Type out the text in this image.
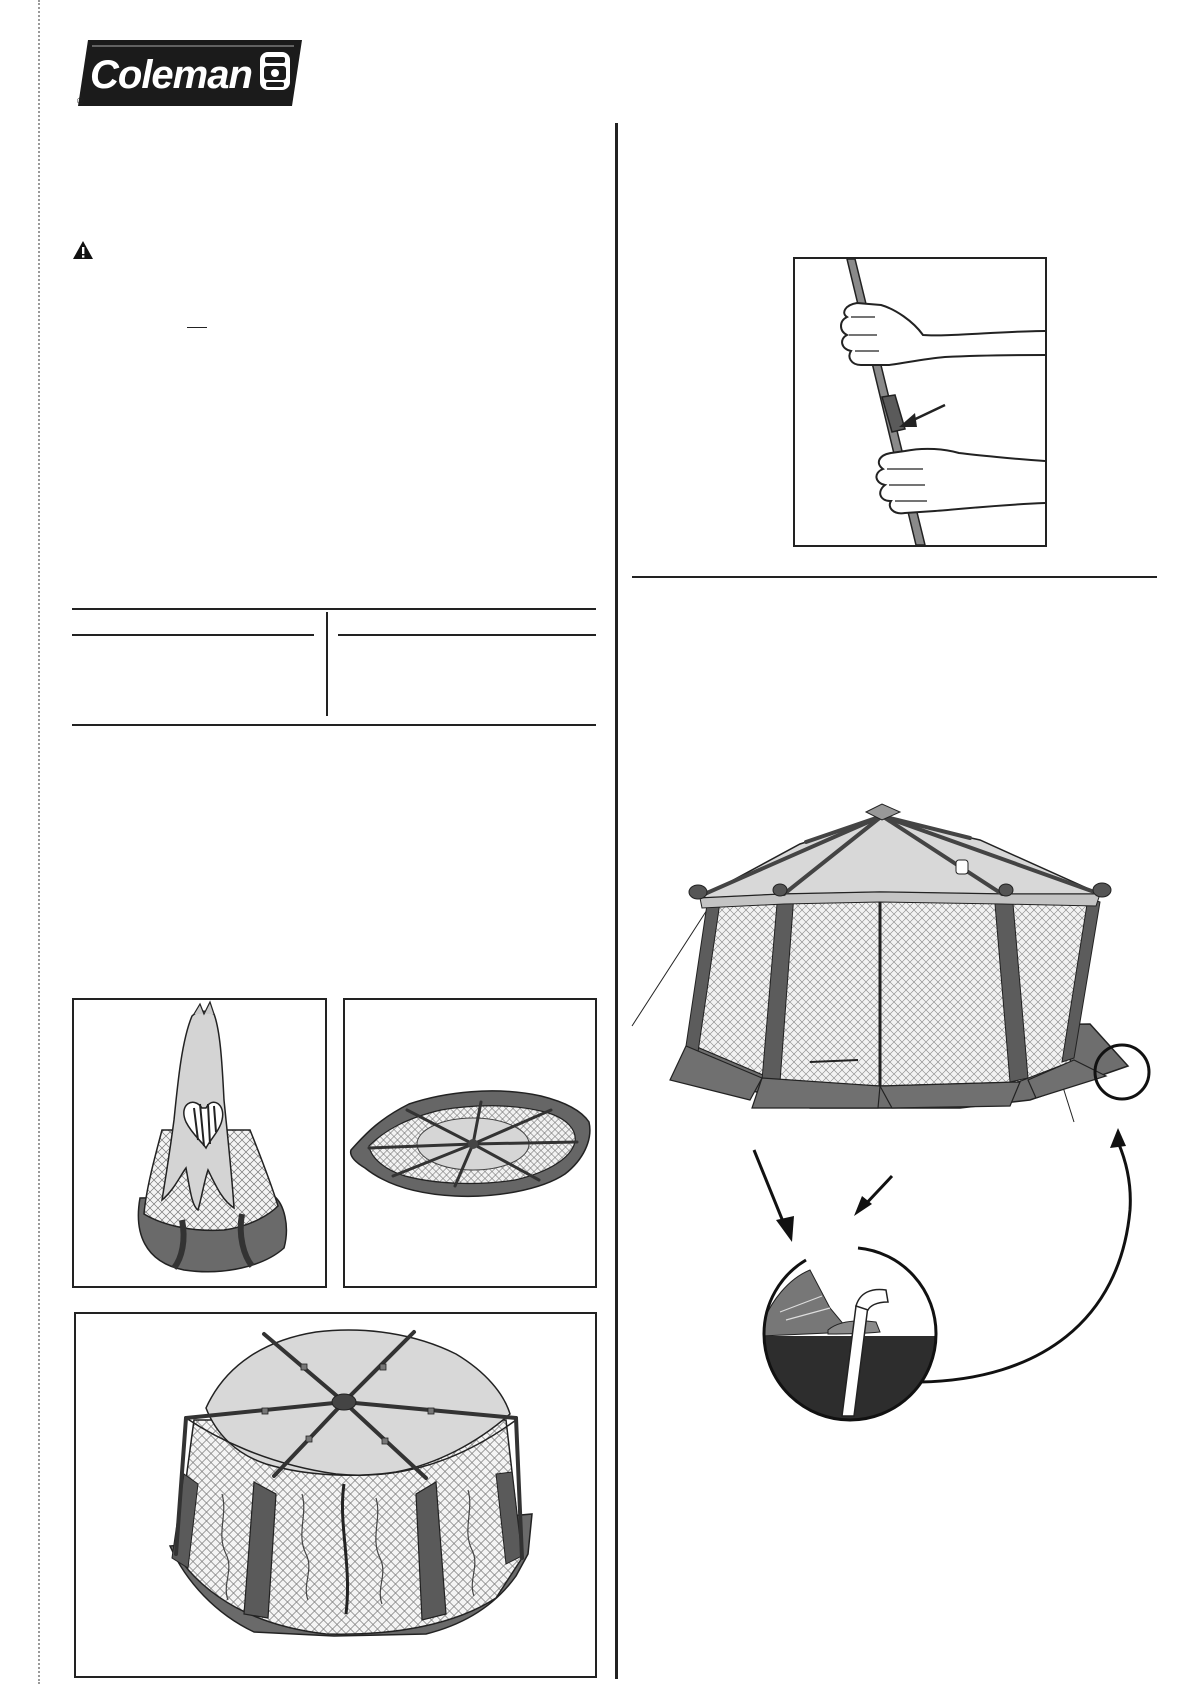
Coleman
®
